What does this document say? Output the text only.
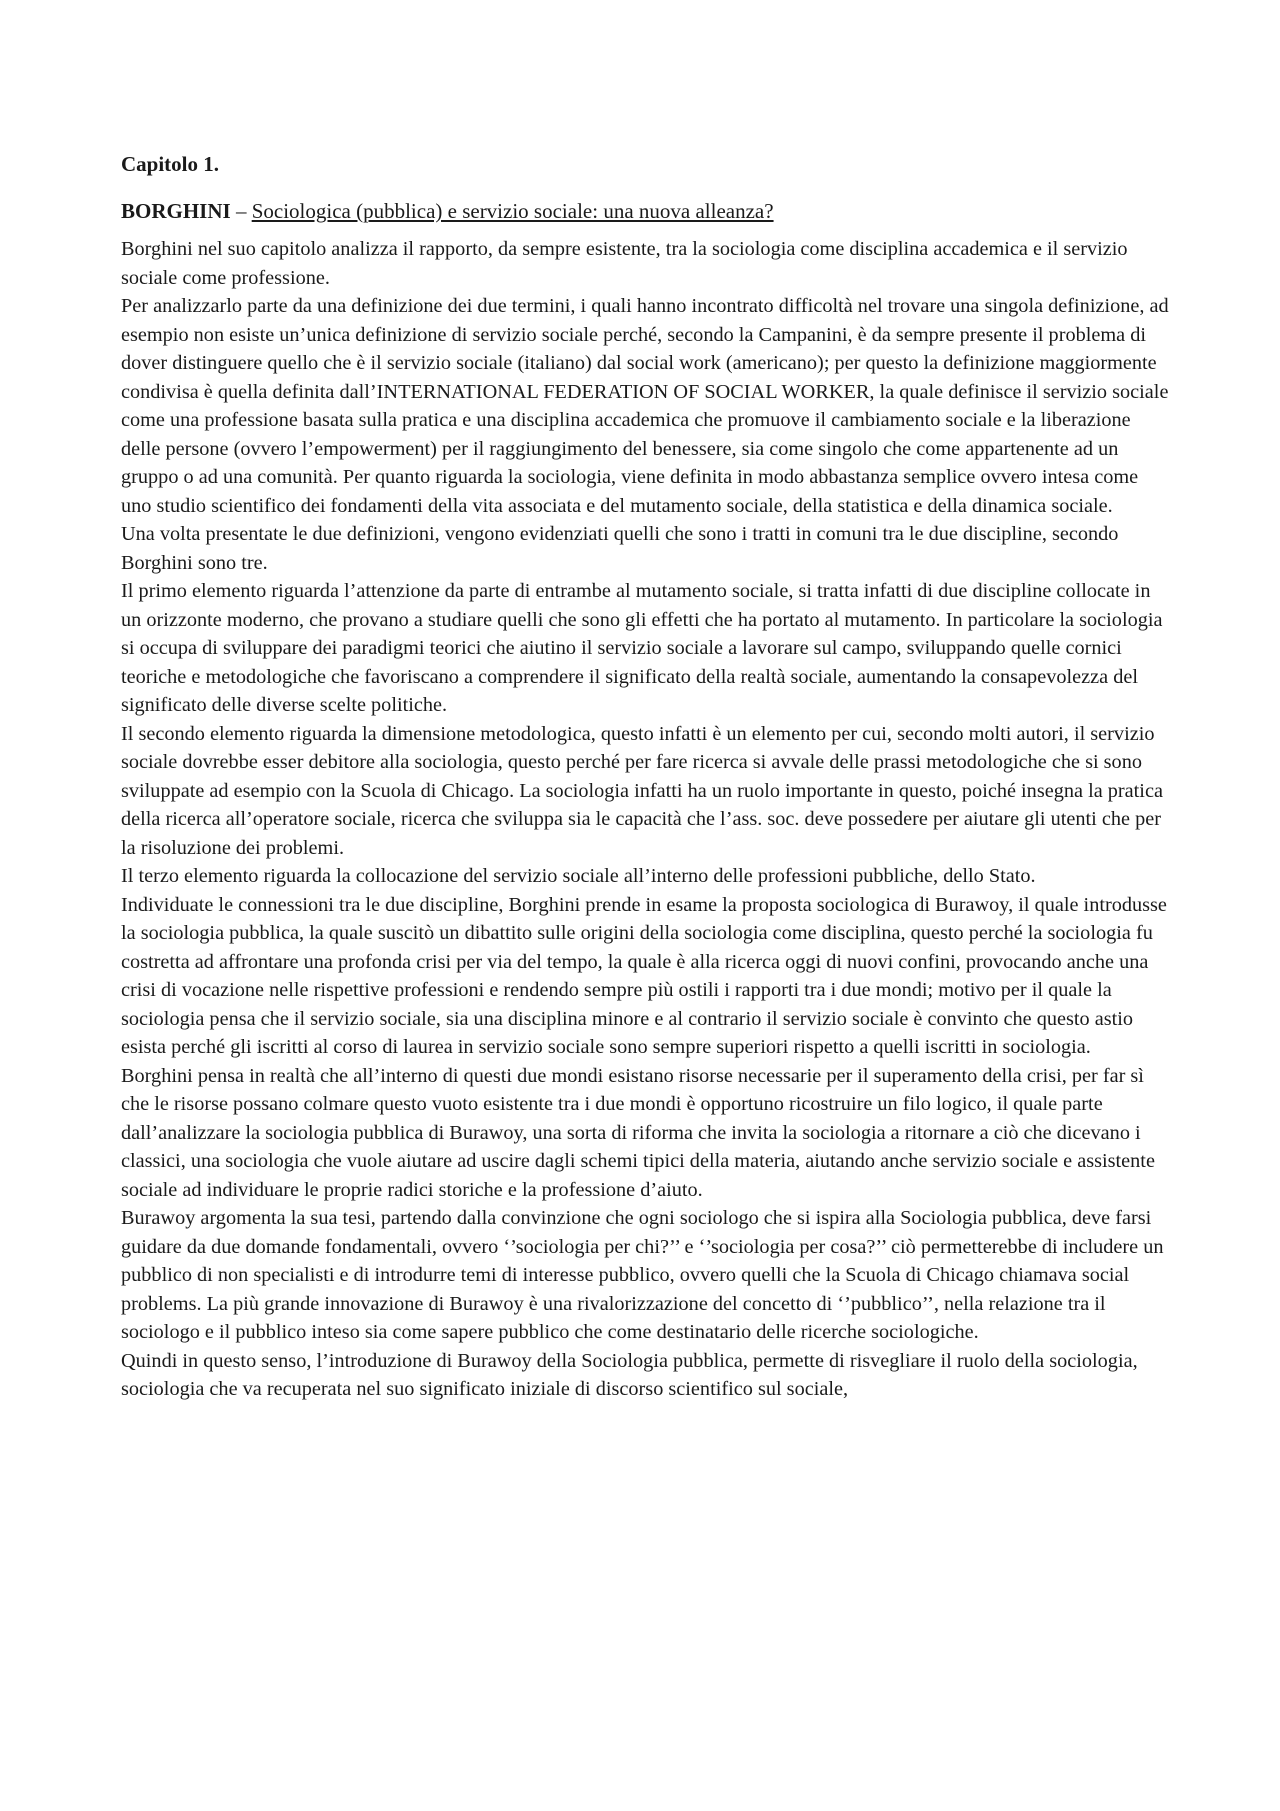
Capitolo 1.

BORGHINI – Sociologica (pubblica) e servizio sociale: una nuova alleanza?

Borghini nel suo capitolo analizza il rapporto, da sempre esistente, tra la sociologia come disciplina accademica e il servizio sociale come professione.

Per analizzarlo parte da una definizione dei due termini, i quali hanno incontrato difficoltà nel trovare una singola definizione, ad esempio non esiste un’unica definizione di servizio sociale perché, secondo la Campanini, è da sempre presente il problema di dover distinguere quello che è il servizio sociale (italiano) dal social work (americano); per questo la definizione maggiormente condivisa è quella definita dall’INTERNATIONAL FEDERATION OF SOCIAL WORKER, la quale definisce il servizio sociale come una professione basata sulla pratica e una disciplina accademica che promuove il cambiamento sociale e la liberazione delle persone (ovvero l’empowerment) per il raggiungimento del benessere, sia come singolo che come appartenente ad un gruppo o ad una comunità. Per quanto riguarda la sociologia, viene definita in modo abbastanza semplice ovvero intesa come uno studio scientifico dei fondamenti della vita associata e del mutamento sociale, della statistica e della dinamica sociale.

Una volta presentate le due definizioni, vengono evidenziati quelli che sono i tratti in comuni tra le due discipline, secondo Borghini sono tre.

Il primo elemento riguarda l’attenzione da parte di entrambe al mutamento sociale, si tratta infatti di due discipline collocate in un orizzonte moderno, che provano a studiare quelli che sono gli effetti che ha portato al mutamento. In particolare la sociologia si occupa di sviluppare dei paradigmi teorici che aiutino il servizio sociale a lavorare sul campo, sviluppando quelle cornici teoriche e metodologiche che favoriscano a comprendere il significato della realtà sociale, aumentando la consapevolezza del significato delle diverse scelte politiche.

Il secondo elemento riguarda la dimensione metodologica, questo infatti è un elemento per cui, secondo molti autori, il servizio sociale dovrebbe esser debitore alla sociologia, questo perché per fare ricerca si avvale delle prassi metodologiche che si sono sviluppate ad esempio con la Scuola di Chicago. La sociologia infatti ha un ruolo importante in questo, poiché insegna la pratica della ricerca all’operatore sociale, ricerca che sviluppa sia le capacità che l’ass. soc. deve possedere per aiutare gli utenti che per la risoluzione dei problemi.

Il terzo elemento riguarda la collocazione del servizio sociale all’interno delle professioni pubbliche, dello Stato.

Individuate le connessioni tra le due discipline, Borghini prende in esame la proposta sociologica di Burawoy, il quale introdusse la sociologia pubblica, la quale suscitò un dibattito sulle origini della sociologia come disciplina, questo perché la sociologia fu costretta ad affrontare una profonda crisi per via del tempo, la quale è alla ricerca oggi di nuovi confini, provocando anche una crisi di vocazione nelle rispettive professioni e rendendo sempre più ostili i rapporti tra i due mondi; motivo per il quale la sociologia pensa che il servizio sociale, sia una disciplina minore e al contrario il servizio sociale è convinto che questo astio esista perché gli iscritti al corso di laurea in servizio sociale sono sempre superiori rispetto a quelli iscritti in sociologia.

Borghini pensa in realtà che all’interno di questi due mondi esistano risorse necessarie per il superamento della crisi, per far sì che le risorse possano colmare questo vuoto esistente tra i due mondi è opportuno ricostruire un filo logico, il quale parte dall’analizzare la sociologia pubblica di Burawoy, una sorta di riforma che invita la sociologia a ritornare a ciò che dicevano i classici, una sociologia che vuole aiutare ad uscire dagli schemi tipici della materia, aiutando anche servizio sociale e assistente sociale ad individuare le proprie radici storiche e la professione d’aiuto.

Burawoy argomenta la sua tesi, partendo dalla convinzione che ogni sociologo che si ispira alla Sociologia pubblica, deve farsi guidare da due domande fondamentali, ovvero ‘’sociologia per chi?’’ e ‘’sociologia per cosa?’’ ciò permetterebbe di includere un pubblico di non specialisti e di introdurre temi di interesse pubblico, ovvero quelli che la Scuola di Chicago chiamava social problems. La più grande innovazione di Burawoy è una rivalorizzazione del concetto di ‘’pubblico’’, nella relazione tra il sociologo e il pubblico inteso sia come sapere pubblico che come destinatario delle ricerche sociologiche.

Quindi in questo senso, l’introduzione di Burawoy della Sociologia pubblica, permette di risvegliare il ruolo della sociologia, sociologia che va recuperata nel suo significato iniziale di discorso scientifico sul sociale,
